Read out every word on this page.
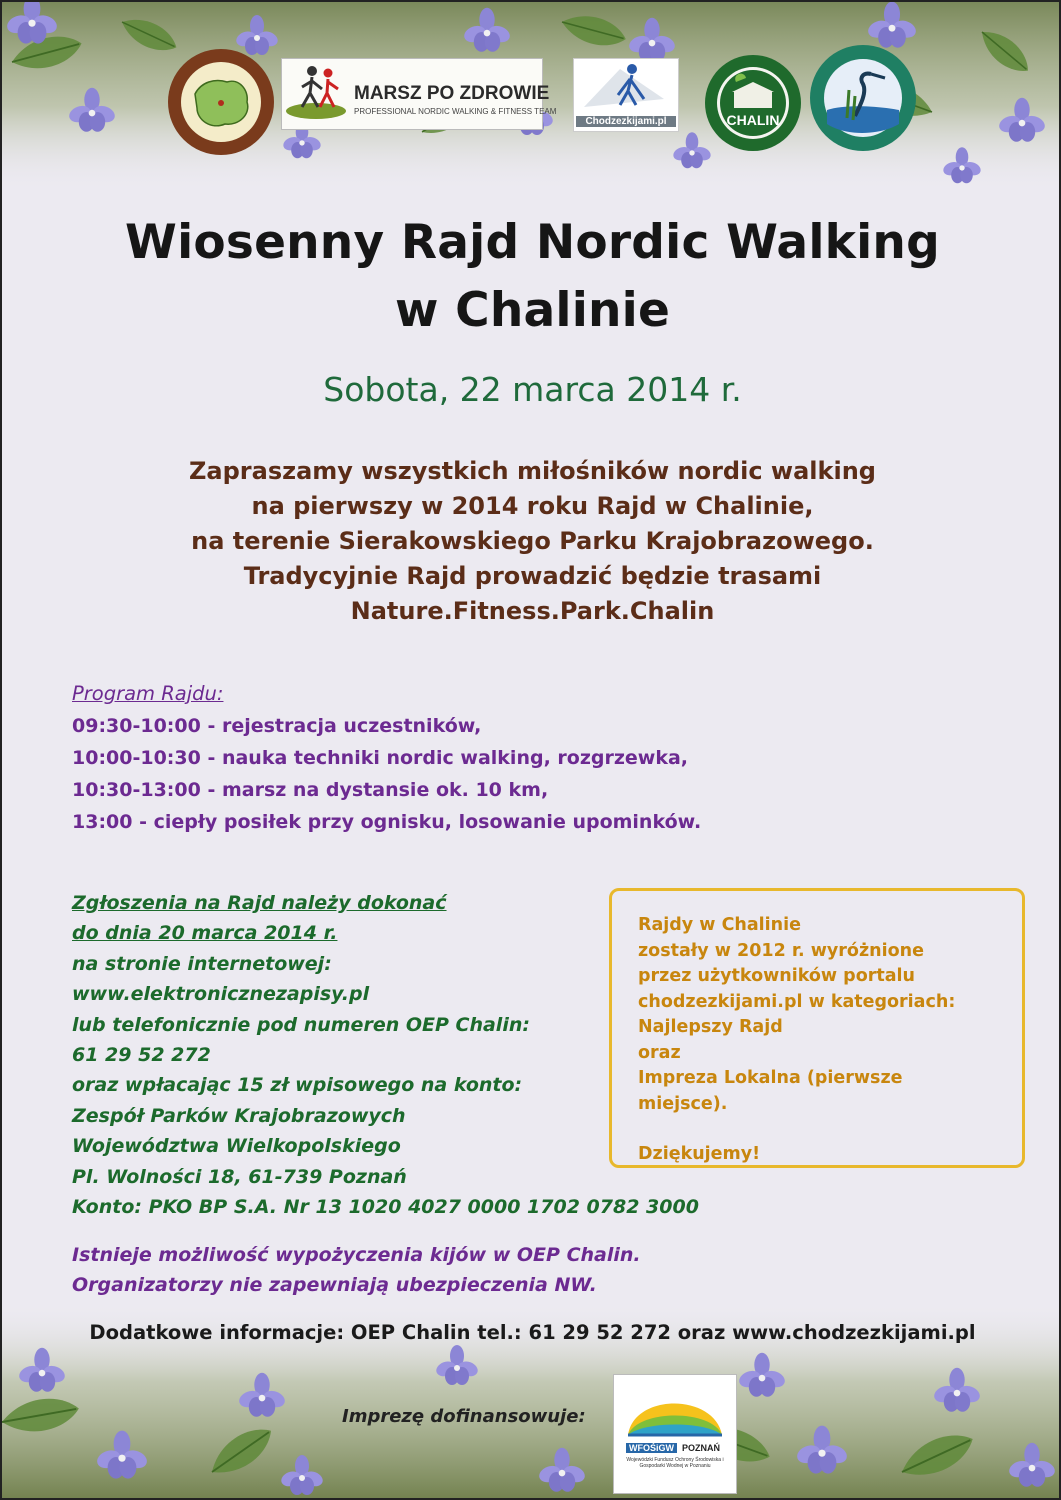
MARSZ PO ZDROWIE
PROFESSIONAL NORDIC WALKING & FITNESS TEAM
Chodzezkijami.pl	CHALIN

Wiosenny Rajd Nordic Walking

w Chalinie

Sobota, 22 marca 2014 r.

Zapraszamy wszystkich miłośników nordic walking
na pierwszy w 2014 roku Rajd w Chalinie,
na terenie Sierakowskiego Parku Krajobrazowego.
Tradycyjnie Rajd prowadzić będzie trasami
Nature.Fitness.Park.Chalin
Program Rajdu:
09:30-10:00 - rejestracja uczestników,
10:00-10:30 - nauka techniki nordic walking, rozgrzewka,
10:30-13:00 - marsz na dystansie ok. 10 km,
13:00 - ciepły posiłek przy ognisku, losowanie upominków.
Zgłoszenia na Rajd należy dokonać
do dnia 20 marca 2014 r.
na stronie internetowej:
www.elektronicznezapisy.pl
lub telefonicznie pod numeren OEP Chalin:
61 29 52 272
oraz wpłacając 15 zł wpisowego na konto:
Zespół Parków Krajobrazowych
Województwa Wielkopolskiego
Pl. Wolności 18, 61-739 Poznań
Konto: PKO BP S.A. Nr 13 1020 4027 0000 1702 0782 3000
Rajdy w Chalinie
zostały w 2012 r. wyróżnione
przez użytkowników portalu
chodzezkijami.pl w kategoriach:
Najlepszy Rajd
oraz
Impreza Lokalna (pierwsze miejsce).
Dziękujemy!
Istnieje możliwość wypożyczenia kijów w OEP Chalin.
Organizatorzy nie zapewniają ubezpieczenia NW.

Dodatkowe informacje: OEP Chalin tel.: 61 29 52 272 oraz www.chodzezkijami.pl

Imprezę dofinansowuje:

WFOŚiGW POZNAŃ
Wojewódzki Fundusz Ochrony Środowiska i Gospodarki Wodnej w Poznaniu
